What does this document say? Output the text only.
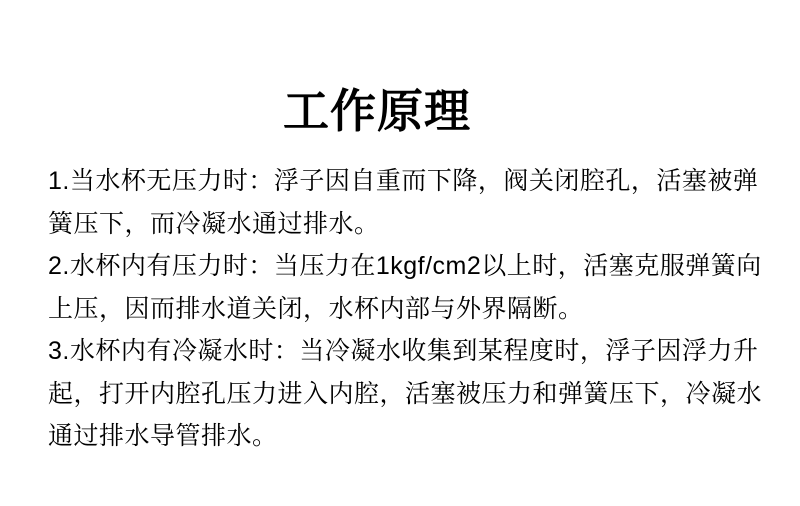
工作原理
1.当水杯无压力时：浮子因自重而下降，阀关闭腔孔，活塞被弹
簧压下，而冷凝水通过排水。
2.水杯内有压力时：当压力在1kgf/cm2以上时，活塞克服弹簧向
上压，因而排水道关闭，水杯内部与外界隔断。
3.水杯内有冷凝水时：当冷凝水收集到某程度时，浮子因浮力升
起，打开内腔孔压力进入内腔，活塞被压力和弹簧压下，冷凝水
通过排水导管排水。
